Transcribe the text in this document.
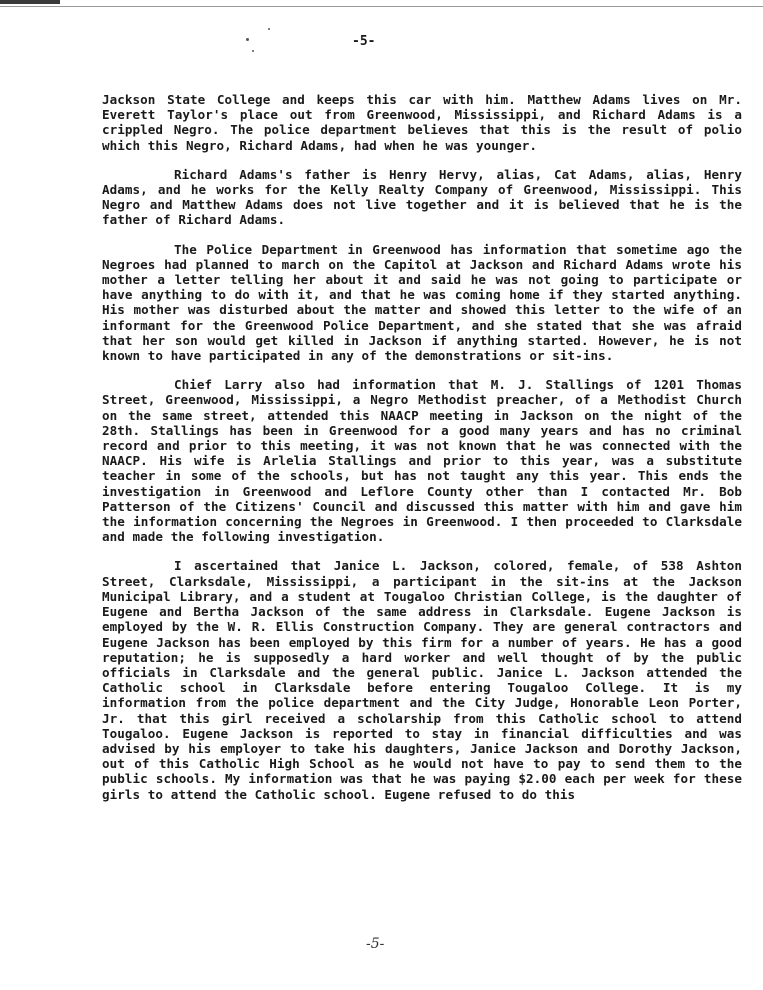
-5-

Jackson State College and keeps this car with him. Matthew Adams lives on Mr. Everett Taylor's place out from Greenwood, Mississippi, and Richard Adams is a crippled Negro. The police department believes that this is the result of polio which this Negro, Richard Adams, had when he was younger.

Richard Adams's father is Henry Hervy, alias, Cat Adams, alias, Henry Adams, and he works for the Kelly Realty Company of Greenwood, Mississippi. This Negro and Matthew Adams does not live together and it is believed that he is the father of Richard Adams.

The Police Department in Greenwood has information that sometime ago the Negroes had planned to march on the Capitol at Jackson and Richard Adams wrote his mother a letter telling her about it and said he was not going to participate or have anything to do with it, and that he was coming home if they started anything. His mother was disturbed about the matter and showed this letter to the wife of an informant for the Greenwood Police Department, and she stated that she was afraid that her son would get killed in Jackson if anything started. However, he is not known to have participated in any of the demonstrations or sit-ins.

Chief Larry also had information that M. J. Stallings of 1201 Thomas Street, Greenwood, Mississippi, a Negro Methodist preacher, of a Methodist Church on the same street, attended this NAACP meeting in Jackson on the night of the 28th. Stallings has been in Greenwood for a good many years and has no criminal record and prior to this meeting, it was not known that he was connected with the NAACP. His wife is Arlelia Stallings and prior to this year, was a substitute teacher in some of the schools, but has not taught any this year. This ends the investigation in Greenwood and Leflore County other than I contacted Mr. Bob Patterson of the Citizens' Council and discussed this matter with him and gave him the information concerning the Negroes in Greenwood. I then proceeded to Clarksdale and made the following investigation.

I ascertained that Janice L. Jackson, colored, female, of 538 Ashton Street, Clarksdale, Mississippi, a participant in the sit-ins at the Jackson Municipal Library, and a student at Tougaloo Christian College, is the daughter of Eugene and Bertha Jackson of the same address in Clarksdale. Eugene Jackson is employed by the W. R. Ellis Construction Company. They are general contractors and Eugene Jackson has been employed by this firm for a number of years. He has a good reputation; he is supposedly a hard worker and well thought of by the public officials in Clarksdale and the general public. Janice L. Jackson attended the Catholic school in Clarksdale before entering Tougaloo College. It is my information from the police department and the City Judge, Honorable Leon Porter, Jr. that this girl received a scholarship from this Catholic school to attend Tougaloo. Eugene Jackson is reported to stay in financial difficulties and was advised by his employer to take his daughters, Janice Jackson and Dorothy Jackson, out of this Catholic High School as he would not have to pay to send them to the public schools. My information was that he was paying $2.00 each per week for these girls to attend the Catholic school. Eugene refused to do this

-5-
